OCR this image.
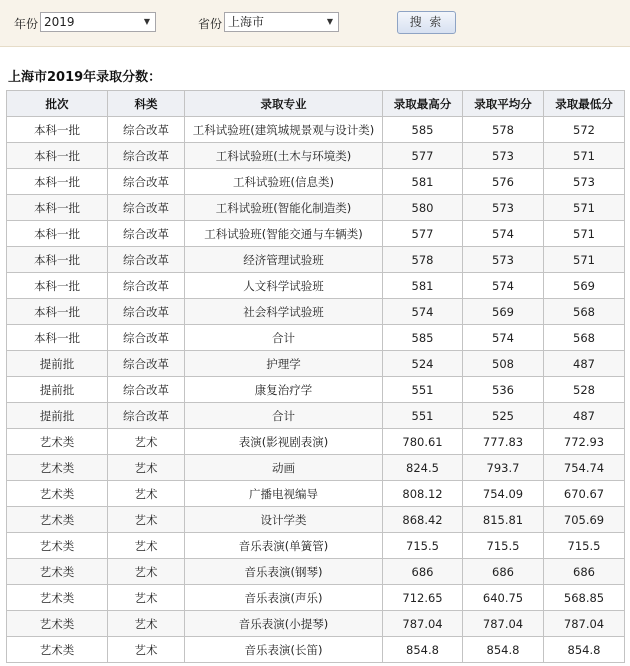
年份 2019	▼	省份 上海市	▼	搜 索
上海市2019年录取分数：
批次	科类	录取专业	录取最高分	录取平均分	录取最低分
本科一批	综合改革	工科试验班(建筑城规景观与设计类)	585	578	572
本科一批	综合改革	工科试验班(土木与环境类)	577	573	571
本科一批	综合改革	工科试验班(信息类)	581	576	573
本科一批	综合改革	工科试验班(智能化制造类)	580	573	571
本科一批	综合改革	工科试验班(智能交通与车辆类)	577	574	571
本科一批	综合改革	经济管理试验班	578	573	571
本科一批	综合改革	人文科学试验班	581	574	569
本科一批	综合改革	社会科学试验班	574	569	568
本科一批	综合改革	合计	585	574	568
提前批	综合改革	护理学	524	508	487
提前批	综合改革	康复治疗学	551	536	528
提前批	综合改革	合计	551	525	487
艺术类	艺术	表演(影视剧表演)	780.61	777.83	772.93
艺术类	艺术	动画	824.5	793.7	754.74
艺术类	艺术	广播电视编导	808.12	754.09	670.67
艺术类	艺术	设计学类	868.42	815.81	705.69
艺术类	艺术	音乐表演(单簧管)	715.5	715.5	715.5
艺术类	艺术	音乐表演(钢琴)	686	686	686
艺术类	艺术	音乐表演(声乐)	712.65	640.75	568.85
艺术类	艺术	音乐表演(小提琴)	787.04	787.04	787.04
艺术类	艺术	音乐表演(长笛)	854.8	854.8	854.8
